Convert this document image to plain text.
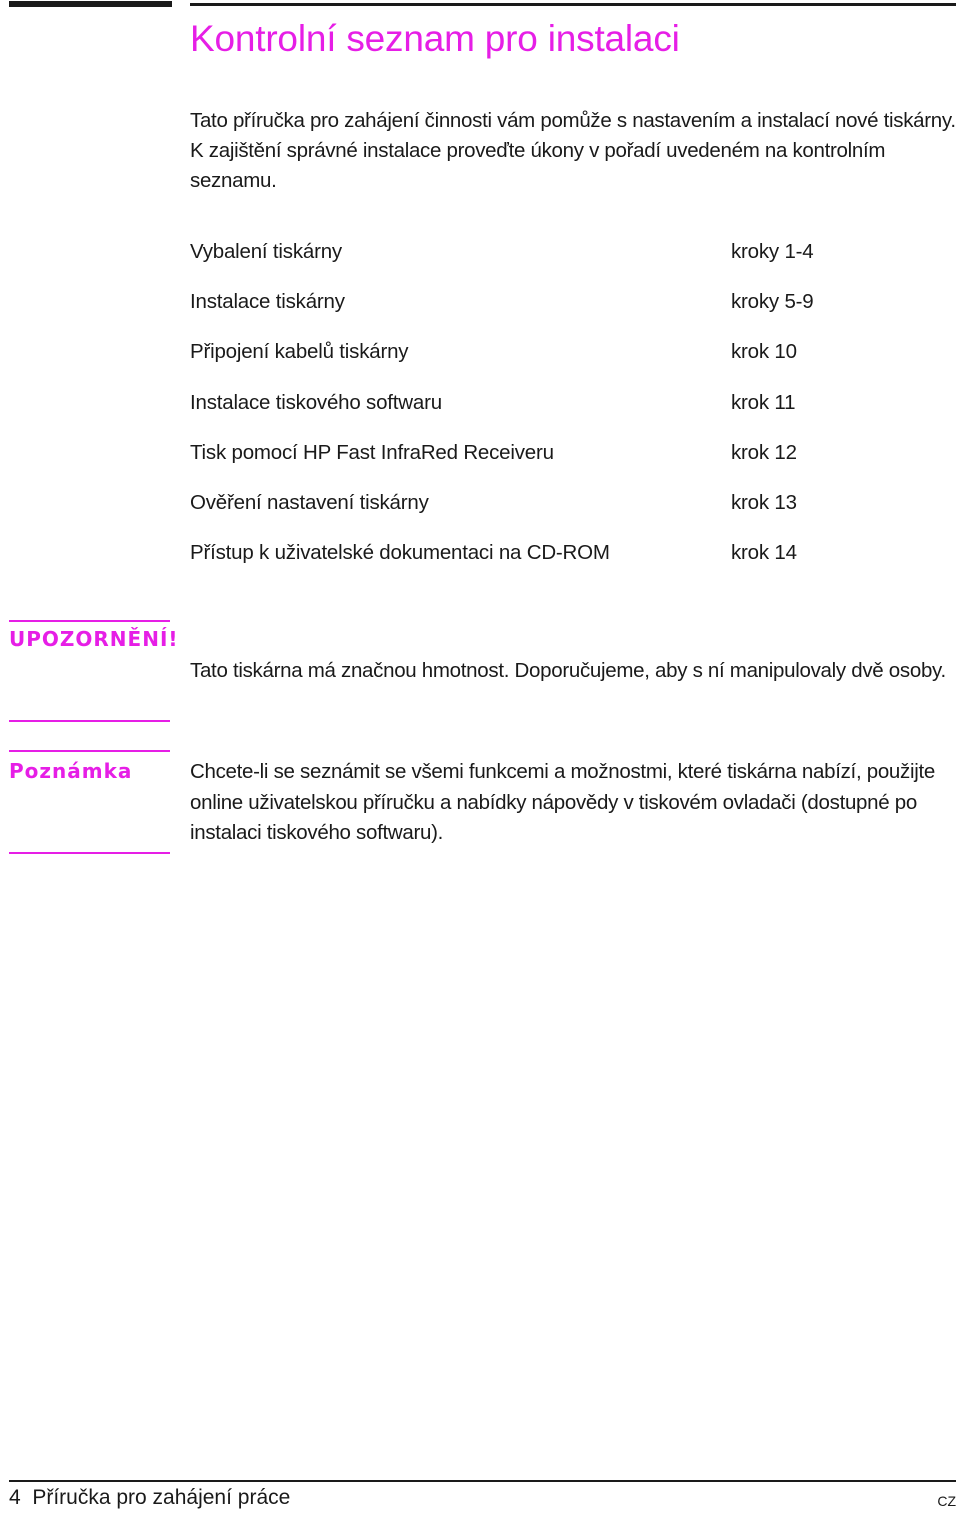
Kontrolní seznam pro instalaci

Tato příručka pro zahájení činnosti vám pomůže s nastavením a instalací nové tiskárny. K zajištění správné instalace proveďte úkony v pořadí uvedeném na kontrolním seznamu.

Vybalení tiskárny	kroky 1-4
Instalace tiskárny	kroky 5-9
Připojení kabelů tiskárny	krok 10
Instalace tiskového softwaru	krok 11
Tisk pomocí HP Fast InfraRed Receiveru	krok 12
Ověření nastavení tiskárny	krok 13
Přístup k uživatelské dokumentaci na CD-ROM	krok 14
UPOZORNĚNÍ!

Tato tiskárna má značnou hmotnost. Doporučujeme, aby s ní manipulovaly dvě osoby.

Poznámka	Chcete-li se seznámit se všemi funkcemi a možnostmi, které tiskárna nabízí, použijte online uživatelskou příručku a nabídky nápovědy v tiskovém ovladači (dostupné po instalaci tiskového softwaru).

4  Příručka pro zahájení práce	CZ
